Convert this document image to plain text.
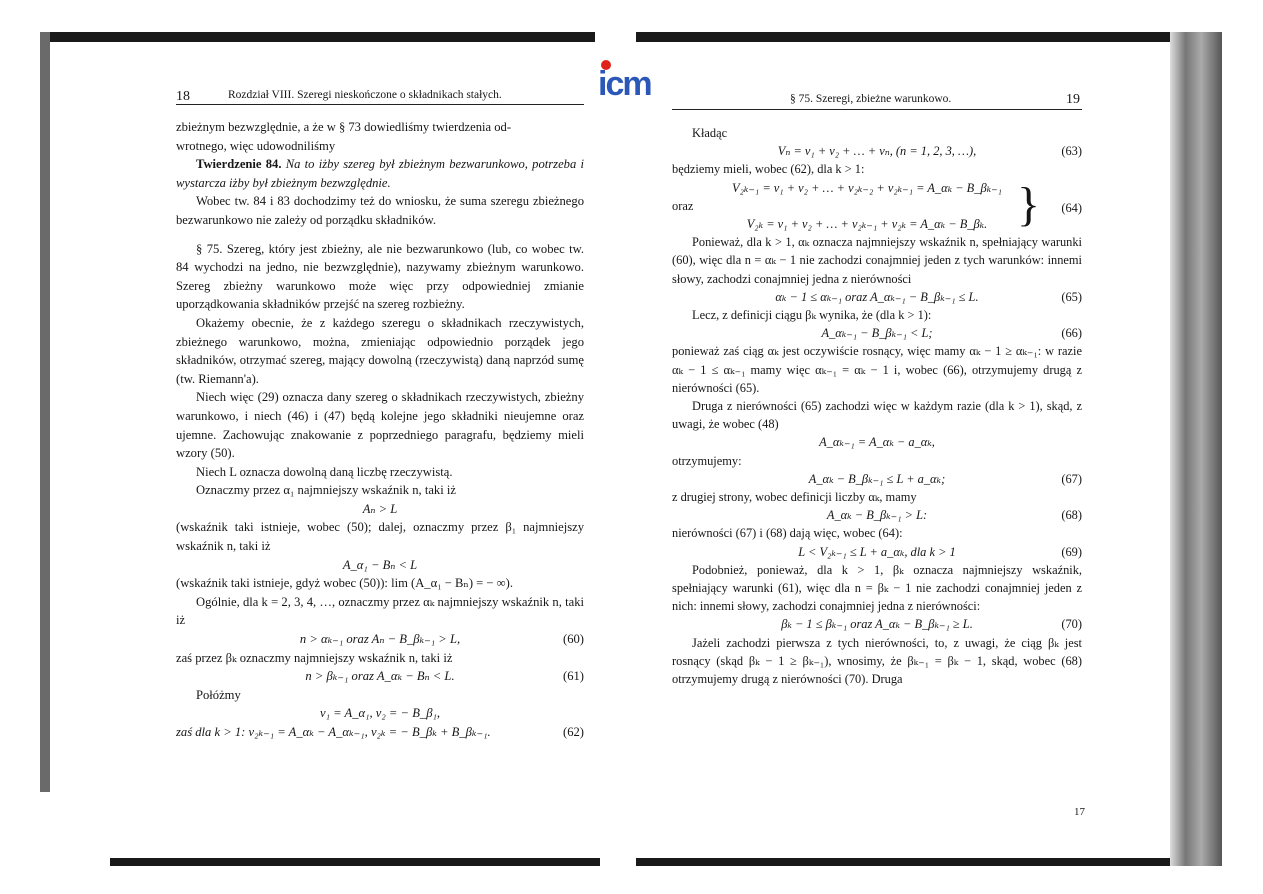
icm
18	Rozdział VIII. Szeregi nieskończone o składnikach stałych.

zbieżnym bezwzględnie, a że w § 73 dowiedliśmy twierdzenia od-

wrotnego, więc udowodniliśmy

Twierdzenie 84. Na to iżby szereg był zbieżnym bezwarunkowo, potrzeba i wystarcza iżby był zbieżnym bezwzględnie.

Wobec tw. 84 i 83 dochodzimy też do wniosku, że suma szeregu zbieżnego bezwarunkowo nie zależy od porządku składników.

§ 75. Szereg, który jest zbieżny, ale nie bezwarunkowo (lub, co wobec tw. 84 wychodzi na jedno, nie bezwzględnie), nazywamy zbieżnym warunkowo. Szereg zbieżny warunkowo może więc przy odpowiedniej zmianie uporządkowania składników przejść na szereg rozbieżny.

Okażemy obecnie, że z każdego szeregu o składnikach rzeczywistych, zbieżnego warunkowo, można, zmieniając odpowiednio porządek jego składników, otrzymać szereg, mający dowolną (rzeczywistą) daną naprzód sumę (tw. Riemann'a).

Niech więc (29) oznacza dany szereg o składnikach rzeczywistych, zbieżny warunkowo, i niech (46) i (47) będą kolejne jego składniki nieujemne oraz ujemne. Zachowując znakowanie z poprzedniego paragrafu, będziemy mieli wzory (50).

Niech L oznacza dowolną daną liczbę rzeczywistą.

Oznaczmy przez α₁ najmniejszy wskaźnik n, taki iż

Aₙ > L

(wskaźnik taki istnieje, wobec (50); dalej, oznaczmy przez β₁ najmniejszy wskaźnik n, taki iż

A_α₁ − Bₙ < L

(wskaźnik taki istnieje, gdyż wobec (50)): lim (A_α₁ − Bₙ) = − ∞).

Ogólnie, dla k = 2, 3, 4, …, oznaczmy przez αₖ najmniejszy wskaźnik n, taki iż

n > αₖ₋₁ oraz Aₙ − B_βₖ₋₁ > L,	(60)

zaś przez βₖ oznaczmy najmniejszy wskaźnik n, taki iż

n > βₖ₋₁ oraz A_αₖ − Bₙ < L.	(61)

Połóżmy

v₁ = A_α₁, v₂ = − B_β₁,

zaś dla k > 1: v₂ₖ₋₁ = A_αₖ − A_αₖ₋₁, v₂ₖ = − B_βₖ + B_βₖ₋₁.	(62)
§ 75. Szeregi, zbieżne warunkowo.	19

Kładąc

Vₙ = v₁ + v₂ + … + vₙ, (n = 1, 2, 3, …),	(63)

będziemy mieli, wobec (62), dla k > 1:

V₂ₖ₋₁ = v₁ + v₂ + … + v₂ₖ₋₂ + v₂ₖ₋₁ = A_αₖ − B_βₖ₋₁

oraz

V₂ₖ = v₁ + v₂ + … + v₂ₖ₋₁ + v₂ₖ = A_αₖ − B_βₖ. } (64)

Ponieważ, dla k > 1, αₖ oznacza najmniejszy wskaźnik n, spełniający warunki (60), więc dla n = αₖ − 1 nie zachodzi conajmniej jeden z tych warunków: innemi słowy, zachodzi conajmniej jedna z nierówności

αₖ − 1 ≤ αₖ₋₁ oraz A_αₖ₋₁ − B_βₖ₋₁ ≤ L.	(65)

Lecz, z definicji ciągu βₖ wynika, że (dla k > 1):

A_αₖ₋₁ − B_βₖ₋₁ < L;	(66)

ponieważ zaś ciąg αₖ jest oczywiście rosnący, więc mamy αₖ − 1 ≥ αₖ₋₁: w razie αₖ − 1 ≤ αₖ₋₁ mamy więc αₖ₋₁ = αₖ − 1 i, wobec (66), otrzymujemy drugą z nierówności (65).

Druga z nierówności (65) zachodzi więc w każdym razie (dla k > 1), skąd, z uwagi, że wobec (48)

A_αₖ₋₁ = A_αₖ − a_αₖ,

otrzymujemy:

A_αₖ − B_βₖ₋₁ ≤ L + a_αₖ;	(67)

z drugiej strony, wobec definicji liczby αₖ, mamy

A_αₖ − B_βₖ₋₁ > L:	(68)

nierówności (67) i (68) dają więc, wobec (64):

L < V₂ₖ₋₁ ≤ L + a_αₖ, dla k > 1	(69)

Podobnież, ponieważ, dla k > 1, βₖ oznacza najmniejszy wskaźnik, spełniający warunki (61), więc dla n = βₖ − 1 nie zachodzi conajmniej jeden z nich: innemi słowy, zachodzi conajmniej jedna z nierówności:

βₖ − 1 ≤ βₖ₋₁ oraz A_αₖ − B_βₖ₋₁ ≥ L.	(70)

Jażeli zachodzi pierwsza z tych nierówności, to, z uwagi, że ciąg βₖ jest rosnący (skąd βₖ − 1 ≥ βₖ₋₁), wnosimy, że βₖ₋₁ = βₖ − 1, skąd, wobec (68) otrzymujemy drugą z nierówności (70). Druga

17
